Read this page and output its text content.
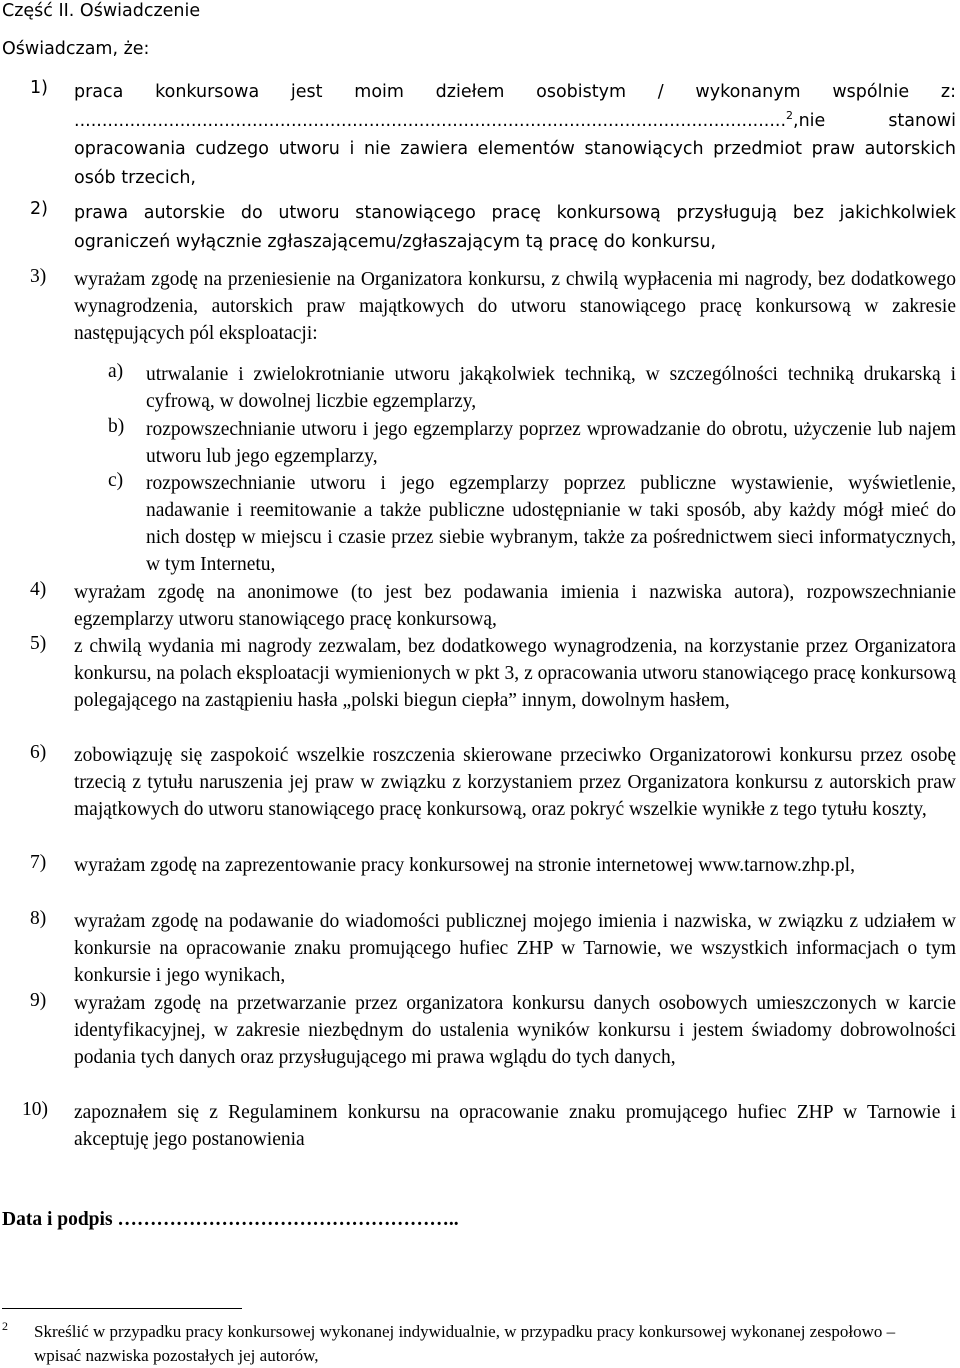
Część II. Oświadczenie
Oświadczam, że:
1) praca konkursowa jest moim dziełem osobistym / wykonanym wspólnie z: ................................................................................................................................$^2$,nie stanowi opracowania cudzego utworu i nie zawiera elementów stanowiących przedmiot praw autorskich osób trzecich,
2) prawa autorskie do utworu stanowiącego pracę konkursową przysługują bez jakichkolwiek ograniczeń wyłącznie zgłaszającemu/zgłaszającym tą pracę do konkursu,
3) wyrażam zgodę na przeniesienie na Organizatora konkursu, z chwilą wypłacenia mi nagrody, bez dodatkowego wynagrodzenia, autorskich praw majątkowych do utworu stanowiącego pracę konkursową w zakresie następujących pól eksploatacji:
a) utrwalanie i zwielokrotnianie utworu jakąkolwiek techniką, w szczególności techniką drukarską i cyfrową, w dowolnej liczbie egzemplarzy,
b) rozpowszechnianie utworu i jego egzemplarzy poprzez wprowadzanie do obrotu, użyczenie lub najem utworu lub jego egzemplarzy,
c) rozpowszechnianie utworu i jego egzemplarzy poprzez publiczne wystawienie, wyświetlenie, nadawanie i reemitowanie a także publiczne udostępnianie w taki sposób, aby każdy mógł mieć do nich dostęp w miejscu i czasie przez siebie wybranym, także za pośrednictwem sieci informatycznych, w tym Internetu,
4) wyrażam zgodę na anonimowe (to jest bez podawania imienia i nazwiska autora), rozpowszechnianie egzemplarzy utworu stanowiącego pracę konkursową,
5) z chwilą wydania mi nagrody zezwalam, bez dodatkowego wynagrodzenia, na korzystanie przez Organizatora konkursu, na polach eksploatacji wymienionych w pkt 3, z opracowania utworu stanowiącego pracę konkursową polegającego na zastąpieniu hasła „polski biegun ciepła” innym, dowolnym hasłem,
6) zobowiązuję się zaspokoić wszelkie roszczenia skierowane przeciwko Organizatorowi konkursu przez osobę trzecią z tytułu naruszenia jej praw w związku z korzystaniem przez Organizatora konkursu z autorskich praw majątkowych do utworu stanowiącego pracę konkursową, oraz pokryć wszelkie wynikłe z tego tytułu koszty,
7) wyrażam zgodę na zaprezentowanie pracy konkursowej na stronie internetowej www.tarnow.zhp.pl,
8) wyrażam zgodę na podawanie do wiadomości publicznej mojego imienia i nazwiska, w związku z udziałem w konkursie na opracowanie znaku promującego hufiec ZHP w Tarnowie, we wszystkich informacjach o tym konkursie i jego wynikach,
9) wyrażam zgodę na przetwarzanie przez organizatora konkursu danych osobowych umieszczonych w karcie identyfikacyjnej, w zakresie niezbędnym do ustalenia wyników konkursu i jestem świadomy dobrowolności podania tych danych oraz przysługującego mi prawa wglądu do tych danych,
10) zapoznałem się z Regulaminem konkursu na opracowanie znaku promującego hufiec ZHP w Tarnowie i akceptuję jego postanowienia
Data i podpis ……………………………………………..
2 Skreślić w przypadku pracy konkursowej wykonanej indywidualnie, w przypadku pracy konkursowej wykonanej zespołowo – wpisać nazwiska pozostałych jej autorów,
